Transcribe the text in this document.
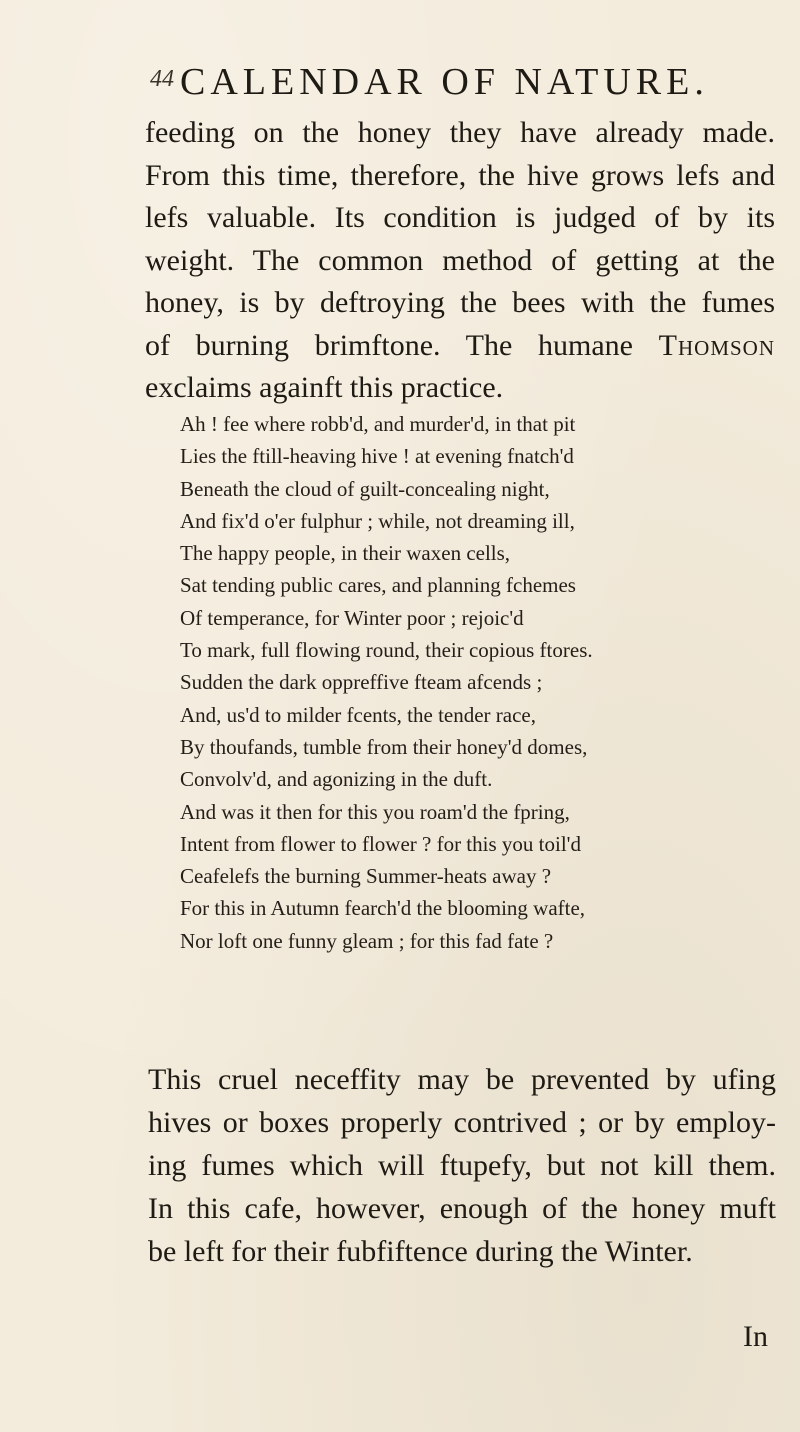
44 CALENDAR OF NATURE.
feeding on the honey they have already made.
From this time, therefore, the hive grows lefs and
lefs valuable. Its condition is judged of by its
weight. The common method of getting at the
honey, is by deftroying the bees with the fumes
of burning brimftone. The humane Thomson
exclaims againft this practice.
Ah ! fee where robb'd, and murder'd, in that pit
Lies the ftill-heaving hive ! at evening fnatch'd
Beneath the cloud of guilt-concealing night,
And fix'd o'er fulphur ; while, not dreaming ill,
The happy people, in their waxen cells,
Sat tending public cares, and planning fchemes
Of temperance, for Winter poor ; rejoic'd
To mark, full flowing round, their copious ftores.
Sudden the dark oppreffive fteam afcends ;
And, us'd to milder fcents, the tender race,
By thoufands, tumble from their honey'd domes,
Convolv'd, and agonizing in the duft.
And was it then for this you roam'd the fpring,
Intent from flower to flower ? for this you toil'd
Ceafelefs the burning Summer-heats away ?
For this in Autumn fearch'd the blooming wafte,
Nor loft one funny gleam ; for this fad fate ?
This cruel neceffity may be prevented by ufing
hives or boxes properly contrived ; or by employ-
ing fumes which will ftupefy, but not kill them.
In this cafe, however, enough of the honey muft
be left for their fubfiftence during the Winter.
In
